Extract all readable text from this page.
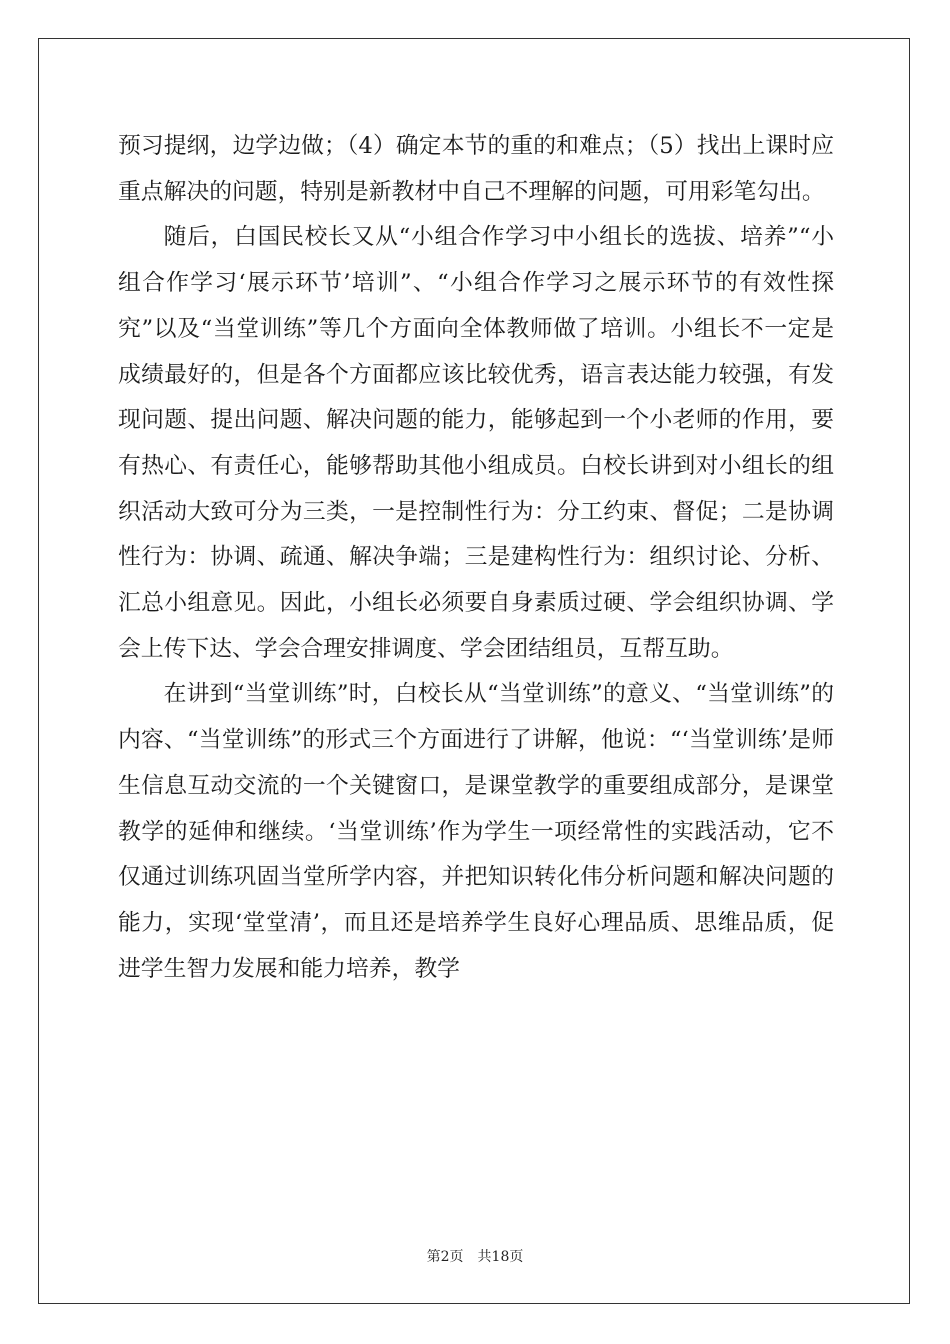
预习提纲，边学边做；（4）确定本节的重的和难点；（5）找出上课时应重点解决的问题，特别是新教材中自己不理解的问题，可用彩笔勾出。

随后，白国民校长又从“小组合作学习中小组长的选拔、培养”“小组合作学习‘展示环节’培训”、“小组合作学习之展示环节的有效性探究”以及“当堂训练”等几个方面向全体教师做了培训。小组长不一定是成绩最好的，但是各个方面都应该比较优秀，语言表达能力较强，有发现问题、提出问题、解决问题的能力，能够起到一个小老师的作用，要有热心、有责任心，能够帮助其他小组成员。白校长讲到对小组长的组织活动大致可分为三类，一是控制性行为：分工约束、督促；二是协调性行为：协调、疏通、解决争端；三是建构性行为：组织讨论、分析、汇总小组意见。因此，小组长必须要自身素质过硬、学会组织协调、学会上传下达、学会合理安排调度、学会团结组员，互帮互助。

在讲到“当堂训练”时，白校长从“当堂训练”的意义、“当堂训练”的内容、“当堂训练”的形式三个方面进行了讲解，他说：“‘当堂训练’是师生信息互动交流的一个关键窗口，是课堂教学的重要组成部分，是课堂教学的延伸和继续。‘当堂训练’作为学生一项经常性的实践活动，它不仅通过训练巩固当堂所学内容，并把知识转化伟分析问题和解决问题的能力，实现‘堂堂清’，而且还是培养学生良好心理品质、思维品质，促进学生智力发展和能力培养，教学

第2页 共18页
